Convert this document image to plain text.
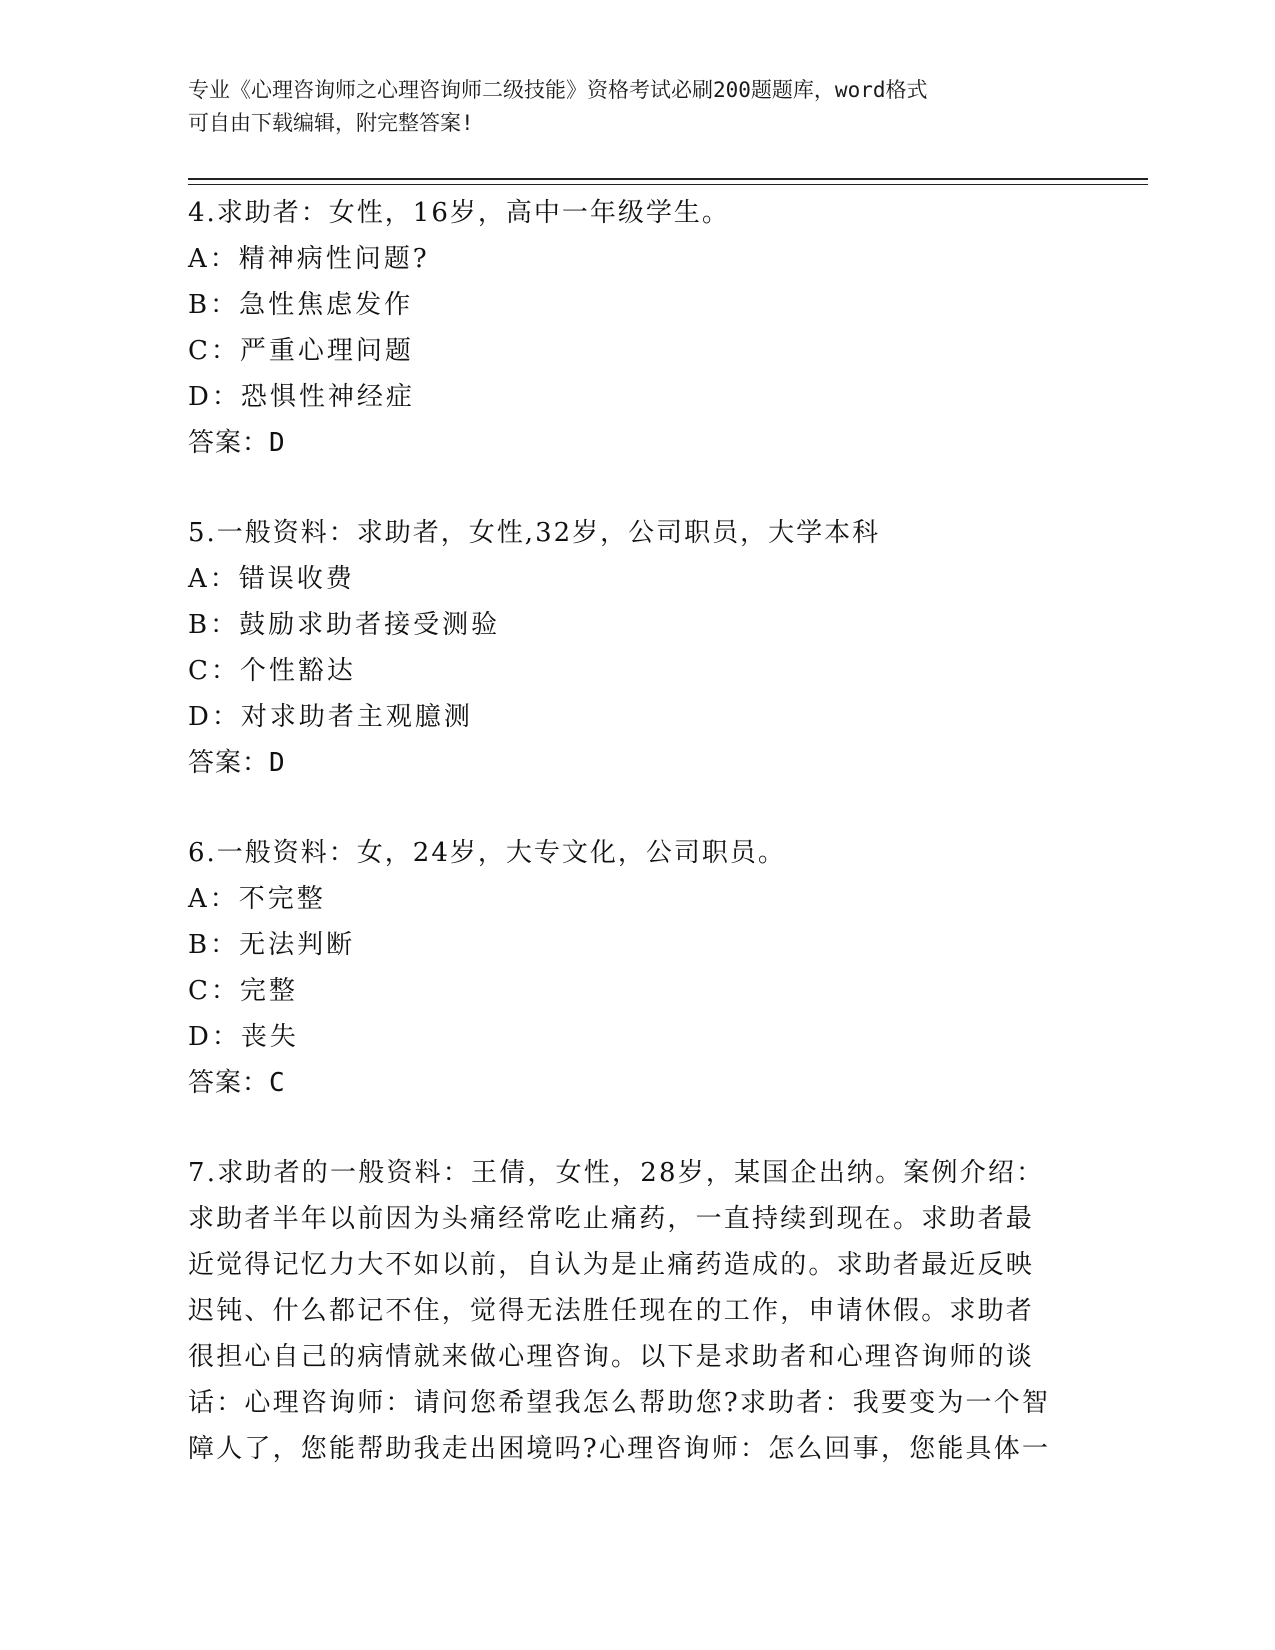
专业《心理咨询师之心理咨询师二级技能》资格考试必刷200题题库，word格式
可自由下载编辑，附完整答案!
4.求助者：女性，16岁，高中一年级学生。
A：精神病性问题?
B：急性焦虑发作
C：严重心理问题
D：恐惧性神经症
答案：D
5.一般资料：求助者，女性,32岁，公司职员，大学本科
A：错误收费
B：鼓励求助者接受测验
C：个性豁达
D：对求助者主观臆测
答案：D
6.一般资料：女，24岁，大专文化，公司职员。
A：不完整
B：无法判断
C：完整
D：丧失
答案：C
7.求助者的一般资料：王倩，女性，28岁，某国企出纳。案例介绍：
求助者半年以前因为头痛经常吃止痛药，一直持续到现在。求助者最
近觉得记忆力大不如以前，自认为是止痛药造成的。求助者最近反映
迟钝、什么都记不住，觉得无法胜任现在的工作，申请休假。求助者
很担心自己的病情就来做心理咨询。以下是求助者和心理咨询师的谈
话：心理咨询师：请问您希望我怎么帮助您?求助者：我要变为一个智
障人了，您能帮助我走出困境吗?心理咨询师：怎么回事，您能具体一
